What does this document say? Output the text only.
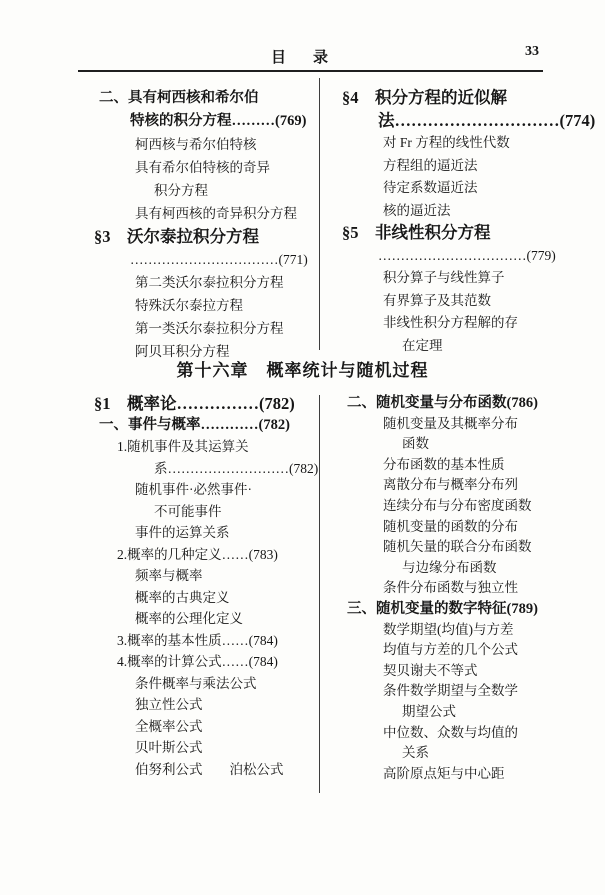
目　录	33
二、具有柯西核和希尔伯
特核的积分方程………(769)
柯西核与希尔伯特核
具有希尔伯特核的奇异
积分方程
具有柯西核的奇异积分方程
§3　沃尔泰拉积分方程
……………………………(771)
第二类沃尔泰拉积分方程
特殊沃尔泰拉方程
第一类沃尔泰拉积分方程
阿贝耳积分方程
§4　积分方程的近似解
法…………………………(774)
对 Fr 方程的线性代数
方程组的逼近法
待定系数逼近法
核的逼近法
§5　非线性积分方程
……………………………(779)
积分算子与线性算子
有界算子及其范数
非线性积分方程解的存
在定理
第十六章　概率统计与随机过程
§1　概率论……………(782)
一、事件与概率…………(782)
1.随机事件及其运算关
系………………………(782)
随机事件·必然事件·
不可能事件
事件的运算关系
2.概率的几种定义……(783)
频率与概率
概率的古典定义
概率的公理化定义
3.概率的基本性质……(784)
4.概率的计算公式……(784)
条件概率与乘法公式
独立性公式
全概率公式
贝叶斯公式
伯努利公式　　泊松公式
二、随机变量与分布函数(786)
随机变量及其概率分布
函数
分布函数的基本性质
离散分布与概率分布列
连续分布与分布密度函数
随机变量的函数的分布
随机矢量的联合分布函数
与边缘分布函数
条件分布函数与独立性
三、随机变量的数字特征(789)
数学期望(均值)与方差
均值与方差的几个公式
契贝谢夫不等式
条件数学期望与全数学
期望公式
中位数、众数与均值的
关系
高阶原点矩与中心距
